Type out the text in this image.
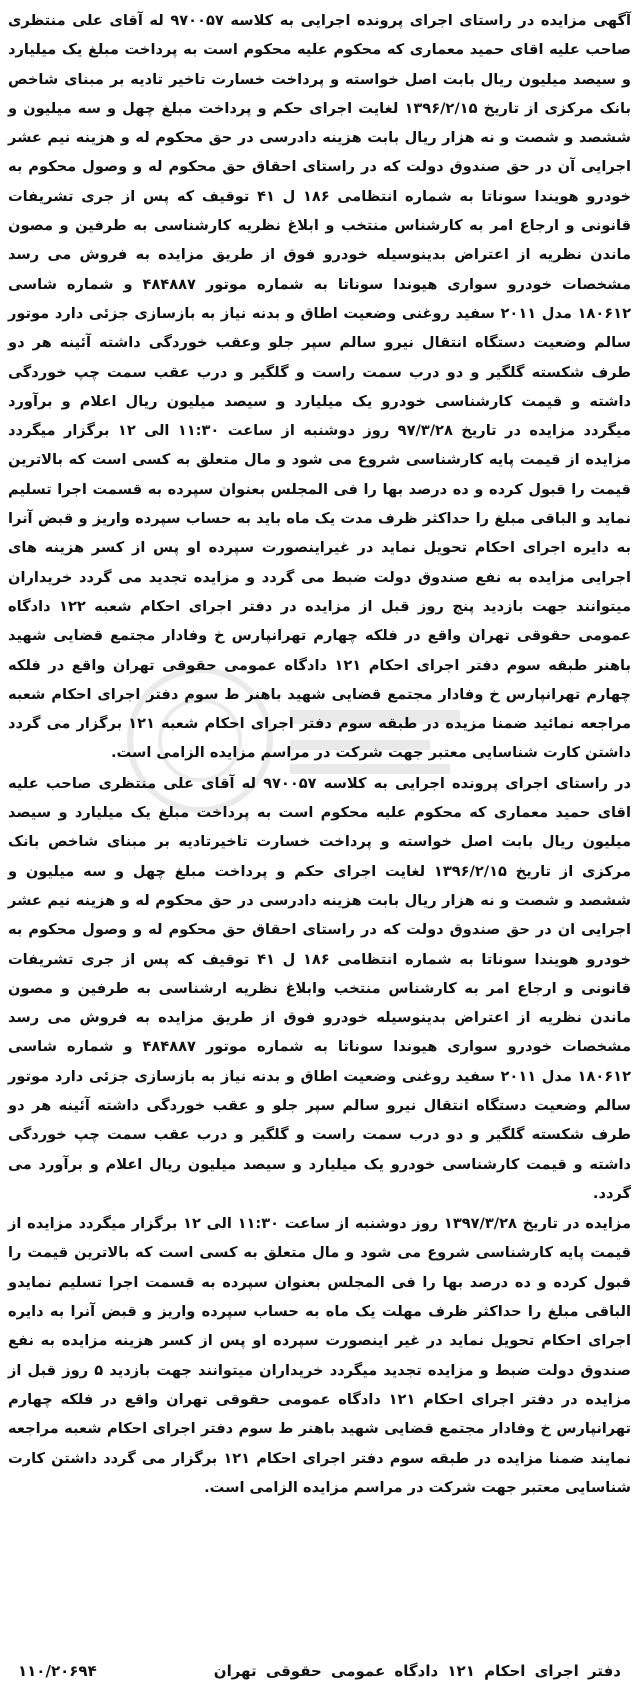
آگهی مزایده در راستای اجرای پرونده اجرایی به کلاسه ۹۷۰۰۵۷ له آقای علی منتظری صاحب علیه اقای حمید معماری که محکوم علیه محکوم است به پرداخت مبلغ یک میلیارد و سیصد میلیون ریال بابت اصل خواسته و پرداخت خسارت تاخیر تادیه بر مبنای شاخص بانک مرکزی از تاریخ ۱۳۹۶/۲/۱۵ لغایت اجرای حکم و پرداخت مبلغ چهل و سه میلیون و ششصد و شصت و نه هزار ریال بابت هزینه دادرسی در حق محکوم له و هزینه نیم عشر اجرایی آن در حق صندوق دولت که در راستای احقاق حق محکوم له و وصول محکوم به خودرو هویندا سوناتا به شماره انتظامی ۱۸۶ ل ۴۱ توقیف که پس از جری تشریفات قانونی و ارجاع امر به کارشناس منتخب و ابلاغ نظریه کارشناسی به طرفین و مصون ماندن نظریه از اعتراض بدینوسیله خودرو فوق از طریق مزایده به فروش می رسد مشخصات خودرو سواری هیوندا سوناتا به شماره موتور ۴۸۴۸۸۷ و شماره شاسی ۱۸۰۶۱۲ مدل ۲۰۱۱ سفید روغنی وضعیت اطاق و بدنه نیاز به بازسازی جزئی دارد موتور سالم وضعیت دستگاه انتقال نیرو سالم سپر جلو وعقب خوردگی داشته آئینه هر دو طرف شکسته گلگیر و دو درب سمت راست و گلگیر و درب عقب سمت چپ خوردگی داشته و قیمت کارشناسی خودرو یک میلیارد و سیصد میلیون ریال اعلام و برآورد میگردد مزایده در تاریخ ۹۷/۳/۲۸ روز دوشنبه از ساعت ۱۱:۳۰ الی ۱۲ برگزار میگردد مزایده از قیمت پایه کارشناسی شروع می شود و مال متعلق به کسی است که بالاترین قیمت را قبول کرده و ده درصد بها را فی المجلس بعنوان سپرده به قسمت اجرا تسلیم نماید و الباقی مبلغ را حداکثر ظرف مدت یک ماه باید به حساب سپرده واریز و قبض آنرا به دایره اجرای احکام تحویل نماید در غیراینصورت سپرده او پس از کسر هزینه های اجرایی مزایده به نفع صندوق دولت ضبط می گردد و مزایده تجدید می گردد خریداران میتوانند جهت بازدید پنج روز قبل از مزایده در دفتر اجرای احکام شعبه ۱۲۲ دادگاه عمومی حقوقی تهران واقع در فلکه چهارم تهرانپارس خ وفادار مجتمع قضایی شهید باهنر طبقه سوم دفتر اجرای احکام ۱۲۱ دادگاه عمومی حقوقی تهران واقع در فلکه چهارم تهرانپارس خ وفادار مجتمع قضایی شهید باهنر ط سوم دفتر اجرای احکام شعبه مراجعه نمائید ضمنا مزیده در طبقه سوم دفتر اجرای احکام شعبه ۱۲۱ برگزار می گردد داشتن کارت شناسایی معتبر جهت شرکت در مراسم مزایده الزامی است.

در راستای اجرای پرونده اجرایی به کلاسه ۹۷۰۰۵۷ له آقای علی منتظری صاحب علیه اقای حمید معماری که محکوم علیه محکوم است به پرداخت مبلغ یک میلیارد و سیصد میلیون ریال بابت اصل خواسته و پرداخت خسارت تاخیرتادیه بر مبنای شاخص بانک مرکزی از تاریخ ۱۳۹۶/۲/۱۵ لغایت اجرای حکم و پرداخت مبلغ چهل و سه میلیون و ششصد و شصت و نه هزار ریال بابت هزینه دادرسی در حق محکوم له و هزینه نیم عشر اجرایی ان در حق صندوق دولت که در راستای احقاق حق محکوم له و وصول محکوم به خودرو هویندا سوناتا به شماره انتظامی ۱۸۶ ل ۴۱ توقیف که پس از جری تشریفات قانونی و ارجاع امر به کارشناس منتخب وابلاغ نظریه ارشناسی به طرفین و مصون ماندن نظریه از اعتراض بدینوسیله خودرو فوق از طریق مزایده به فروش می رسد مشخصات خودرو سواری هیوندا سوناتا به شماره موتور ۴۸۴۸۸۷ و شماره شاسی ۱۸۰۶۱۲ مدل ۲۰۱۱ سفید روغنی وضعیت اطاق و بدنه نیاز به بازسازی جزئی دارد موتور سالم وضعیت دستگاه انتقال نیرو سالم سپر جلو و عقب خوردگی داشته آئینه هر دو طرف شکسته گلگیر و دو درب سمت راست و گلگیر و درب عقب سمت چپ خوردگی داشته و قیمت کارشناسی خودرو یک میلیارد و سیصد میلیون ریال اعلام و برآورد می گردد.

مزایده در تاریخ ۱۳۹۷/۳/۲۸ روز دوشنبه از ساعت ۱۱:۳۰ الی ۱۲ برگزار میگردد مزایده از قیمت پایه کارشناسی شروع می شود و مال متعلق به کسی است که بالاترین قیمت را قبول کرده و ده درصد بها را فی المجلس بعنوان سپرده به قسمت اجرا تسلیم نمایدو الباقی مبلغ را حداکثر ظرف مهلت یک ماه به حساب سپرده واریز و قبض آنرا به دایره اجرای احکام تحویل نماید در غیر اینصورت سپرده او پس از کسر هزینه مزایده به نفع صندوق دولت ضبط و مزایده تجدید میگردد خریداران میتوانند جهت بازدید ۵ روز قبل از مزایده در دفتر اجرای احکام ۱۲۱ دادگاه عمومی حقوقی تهران واقع در فلکه چهارم تهرانپارس خ وفادار مجتمع قضایی شهید باهنر ط سوم دفتر اجرای احکام شعبه مراجعه نمایند ضمنا مزایده در طبقه سوم دفتر اجرای احکام ۱۲۱ برگزار می گردد داشتن کارت شناسایی معتبر جهت شرکت در مراسم مزایده الزامی است.

دفتر اجرای احکام ۱۲۱ دادگاه عمومی حقوقی تهران
۱۱۰/۲۰۶۹۴
